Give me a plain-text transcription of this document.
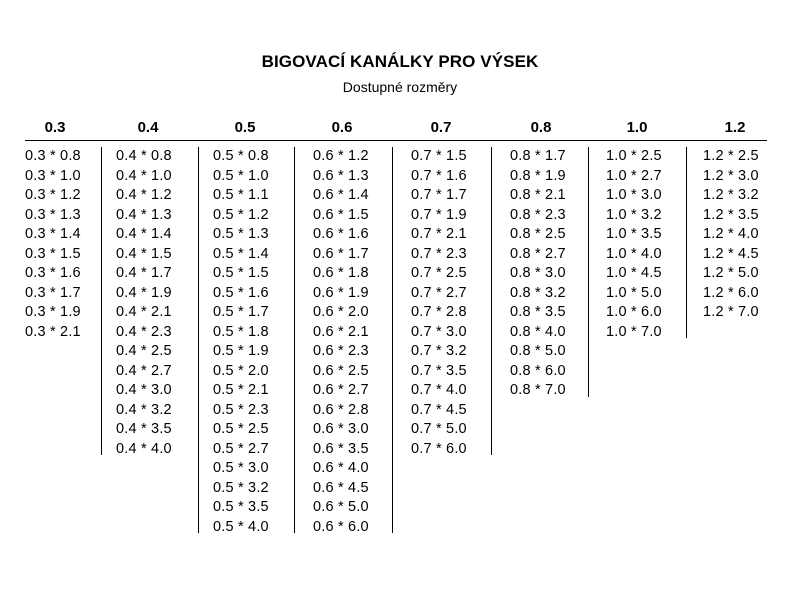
BIGOVACÍ KANÁLKY PRO VÝSEK
Dostupné rozměry
0.3
0.3 * 0.8
0.3 * 1.0
0.3 * 1.2
0.3 * 1.3
0.3 * 1.4
0.3 * 1.5
0.3 * 1.6
0.3 * 1.7
0.3 * 1.9
0.3 * 2.1
0.4
0.4 * 0.8
0.4 * 1.0
0.4 * 1.2
0.4 * 1.3
0.4 * 1.4
0.4 * 1.5
0.4 * 1.7
0.4 * 1.9
0.4 * 2.1
0.4 * 2.3
0.4 * 2.5
0.4 * 2.7
0.4 * 3.0
0.4 * 3.2
0.4 * 3.5
0.4 * 4.0
0.5
0.5 * 0.8
0.5 * 1.0
0.5 * 1.1
0.5 * 1.2
0.5 * 1.3
0.5 * 1.4
0.5 * 1.5
0.5 * 1.6
0.5 * 1.7
0.5 * 1.8
0.5 * 1.9
0.5 * 2.0
0.5 * 2.1
0.5 * 2.3
0.5 * 2.5
0.5 * 2.7
0.5 * 3.0
0.5 * 3.2
0.5 * 3.5
0.5 * 4.0
0.6
0.6 * 1.2
0.6 * 1.3
0.6 * 1.4
0.6 * 1.5
0.6 * 1.6
0.6 * 1.7
0.6 * 1.8
0.6 * 1.9
0.6 * 2.0
0.6 * 2.1
0.6 * 2.3
0.6 * 2.5
0.6 * 2.7
0.6 * 2.8
0.6 * 3.0
0.6 * 3.5
0.6 * 4.0
0.6 * 4.5
0.6 * 5.0
0.6 * 6.0
0.7
0.7 * 1.5
0.7 * 1.6
0.7 * 1.7
0.7 * 1.9
0.7 * 2.1
0.7 * 2.3
0.7 * 2.5
0.7 * 2.7
0.7 * 2.8
0.7 * 3.0
0.7 * 3.2
0.7 * 3.5
0.7 * 4.0
0.7 * 4.5
0.7 * 5.0
0.7 * 6.0
0.8
0.8 * 1.7
0.8 * 1.9
0.8 * 2.1
0.8 * 2.3
0.8 * 2.5
0.8 * 2.7
0.8 * 3.0
0.8 * 3.2
0.8 * 3.5
0.8 * 4.0
0.8 * 5.0
0.8 * 6.0
0.8 * 7.0
1.0
1.0 * 2.5
1.0 * 2.7
1.0 * 3.0
1.0 * 3.2
1.0 * 3.5
1.0 * 4.0
1.0 * 4.5
1.0 * 5.0
1.0 * 6.0
1.0 * 7.0
1.2
1.2 * 2.5
1.2 * 3.0
1.2 * 3.2
1.2 * 3.5
1.2 * 4.0
1.2 * 4.5
1.2 * 5.0
1.2 * 6.0
1.2 * 7.0
